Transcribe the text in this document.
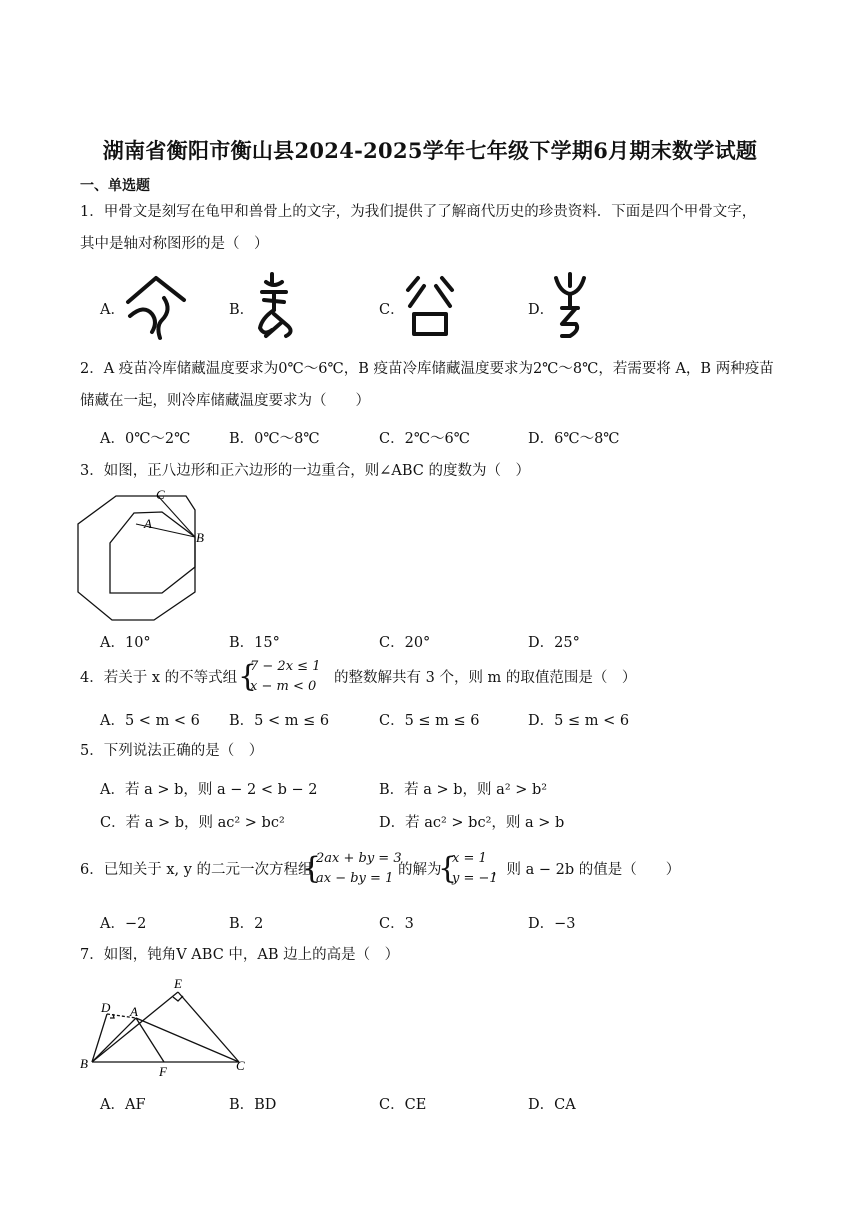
湖南省衡阳市衡山县2024-2025学年七年级下学期6月期末数学试题
一、单选题
1．甲骨文是刻写在龟甲和兽骨上的文字，为我们提供了了解商代历史的珍贵资料．下面是四个甲骨文字，
其中是轴对称图形的是（　）
A．	B．	C．	D．
2．A 疫苗冷库储藏温度要求为0℃～6℃，B 疫苗冷库储藏温度要求为2℃～8℃，若需要将 A，B 两种疫苗
储藏在一起，则冷库储藏温度要求为（　　）
A．0℃～2℃	B．0℃～8℃	C．2℃～6℃	D．6℃～8℃
3．如图，正八边形和正六边形的一边重合，则∠ABC 的度数为（　）
A
B
C
A．10°	B．15°	C．20°	D．25°
4．若关于 x 的不等式组 {
7 − 2x ≤ 1
x − m < 0
的整数解共有 3 个，则 m 的取值范围是（　）
A．5 < m < 6 B．5 < m ≤ 6	C．5 ≤ m ≤ 6	D．5 ≤ m < 6
5．下列说法正确的是（　）
A．若 a > b，则 a − 2 < b − 2	B．若 a > b，则 a² > b²
C．若 a > b，则 ac² > bc²	D．若 ac² > bc²，则 a > b
6．已知关于 x, y 的二元一次方程组
{
2ax + by = 3
ax − by = 1
的解为
{
x = 1
y = −1
，则 a − 2b 的值是（　　）
A．−2	B．2	C．3	D．−3
7．如图，钝角V ABC 中，AB 边上的高是（　）
E
D A
B
F	C
A．AF	B．BD	C．CE	D．CA
